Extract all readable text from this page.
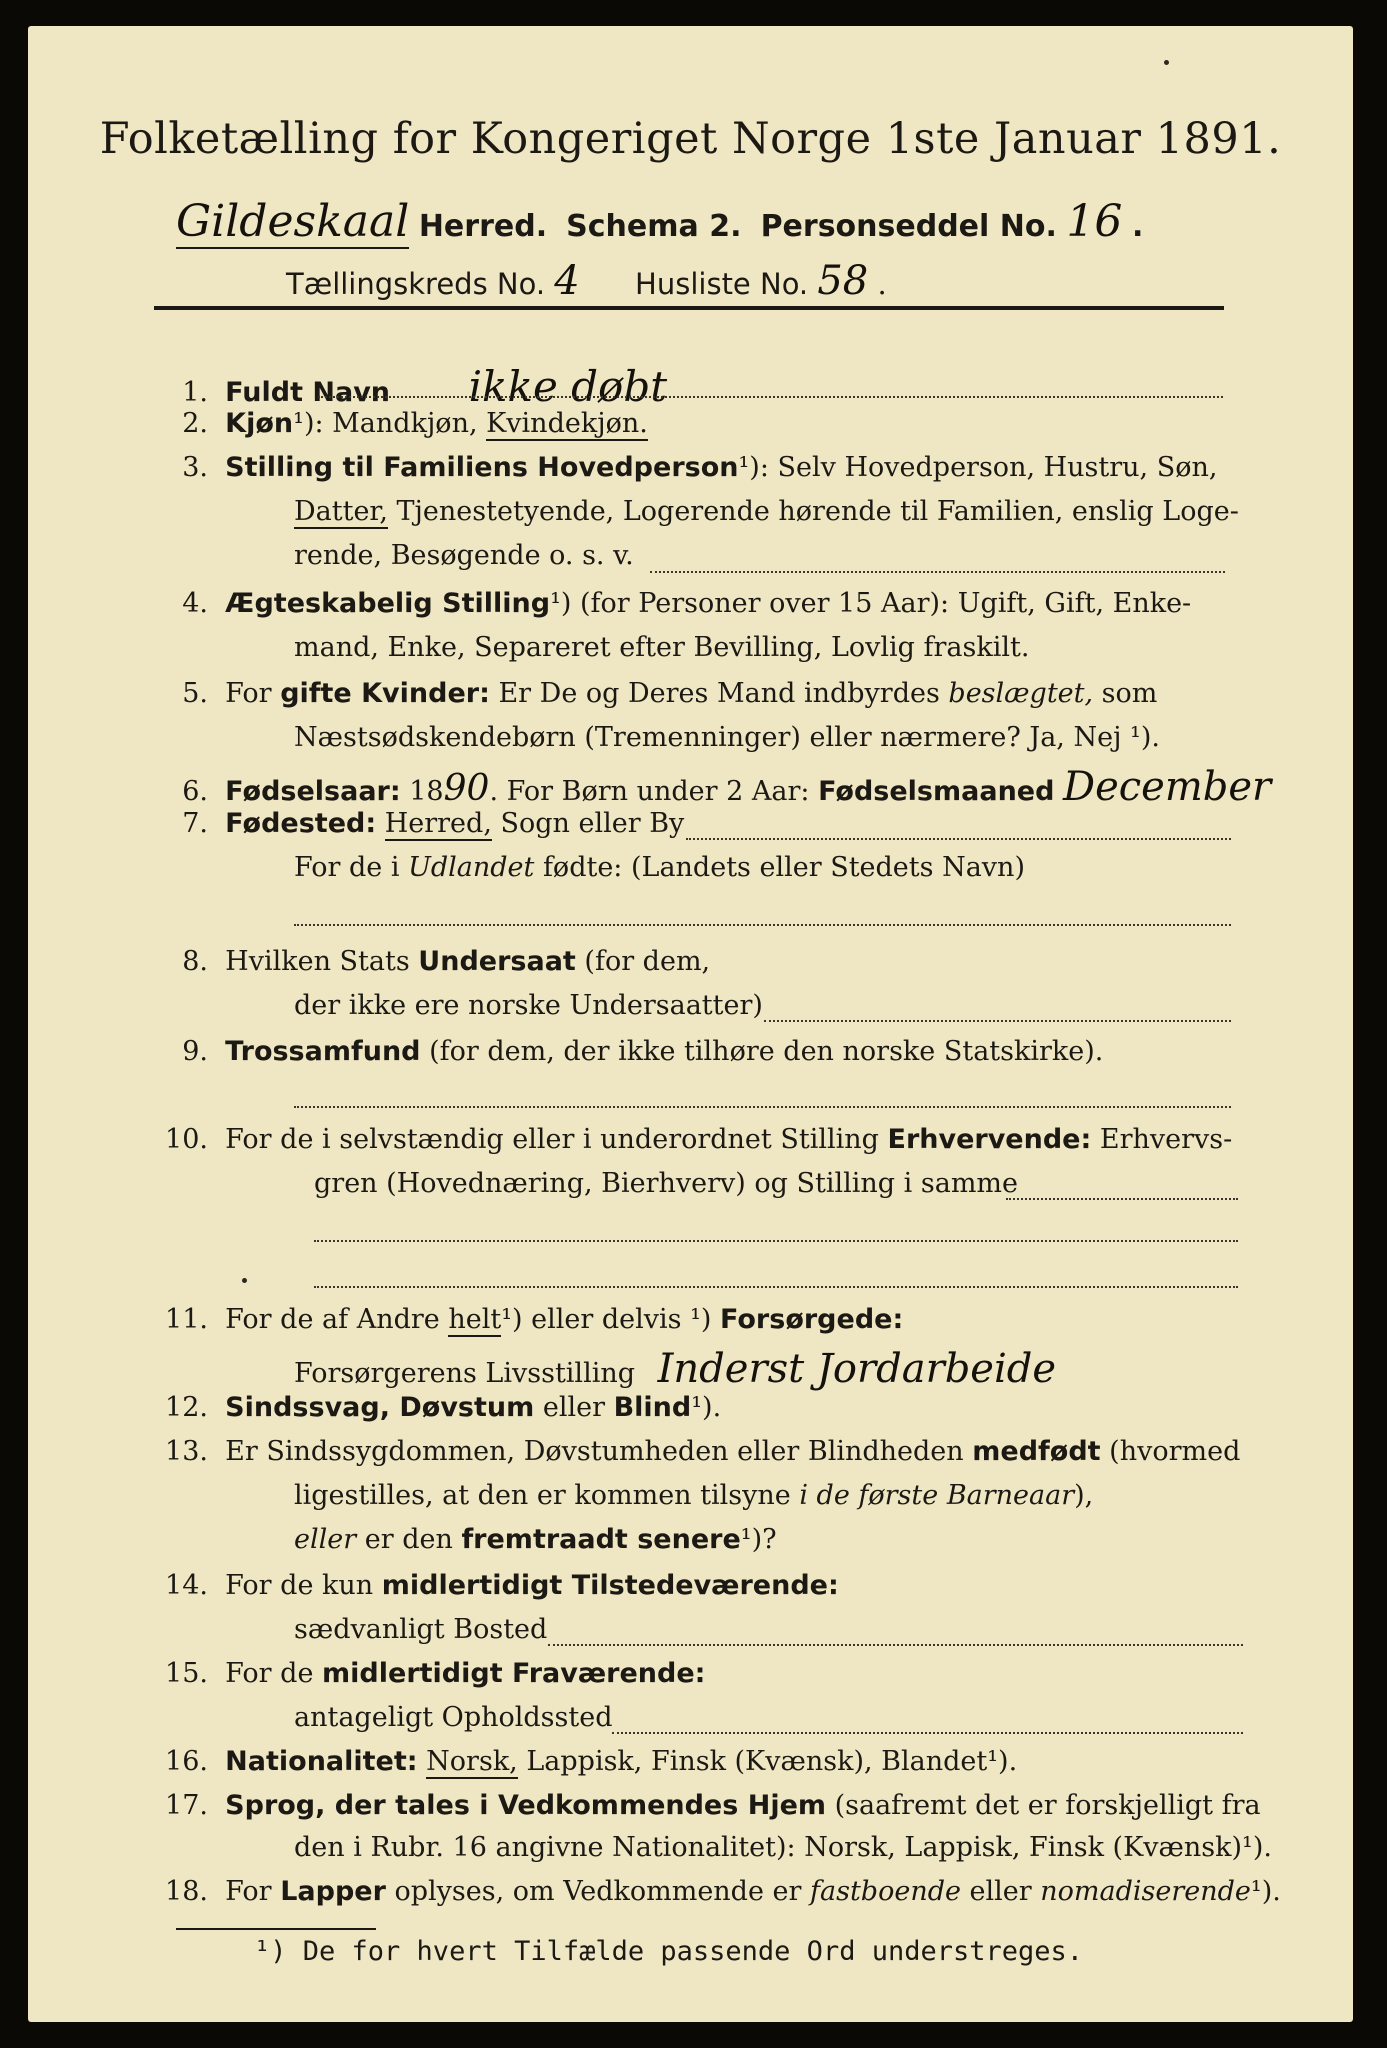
Folketælling for Kongeriget Norge 1ste Januar 1891.
Gildeskaal Herred. Schema 2. Personseddel No. 16 .
Tællingskreds No. 4 Husliste No. 58 .
1. Fuldt Navn ikke døbt
2. Kjøn¹): Mandkjøn, Kvindekjøn.
3. Stilling til Familiens Hovedperson¹): Selv Hovedperson, Hustru, Søn,
Datter, Tjenestetyende, Logerende hørende til Familien, enslig Loge-
rende, Besøgende o. s. v.
4. Ægteskabelig Stilling¹) (for Personer over 15 Aar): Ugift, Gift, Enke-
mand, Enke, Separeret efter Bevilling, Lovlig fraskilt.
5. For gifte Kvinder: Er De og Deres Mand indbyrdes beslægtet, som
Næstsødskendebørn (Tremenninger) eller nærmere? Ja, Nej ¹).
6. Fødselsaar: 1890. For Børn under 2 Aar: Fødselsmaaned December
7. Fødested: Herred, Sogn eller By
For de i Udlandet fødte: (Landets eller Stedets Navn)
8. Hvilken Stats Undersaat (for dem,
der ikke ere norske Undersaatter)
9. Trossamfund (for dem, der ikke tilhøre den norske Statskirke).
10. For de i selvstændig eller i underordnet Stilling Erhvervende: Erhvervs-
gren (Hovednæring, Bierhverv) og Stilling i samme
11. For de af Andre helt¹) eller delvis ¹) Forsørgede:
Forsørgerens Livsstilling Inderst Jordarbeide
12. Sindssvag, Døvstum eller Blind¹).
13. Er Sindssygdommen, Døvstumheden eller Blindheden medfødt (hvormed
ligestilles, at den er kommen tilsyne i de første Barneaar),
eller er den fremtraadt senere¹)?
14. For de kun midlertidigt Tilstedeværende:
sædvanligt Bosted
15. For de midlertidigt Fraværende:
antageligt Opholdssted
16. Nationalitet: Norsk, Lappisk, Finsk (Kvænsk), Blandet¹).
17. Sprog, der tales i Vedkommendes Hjem (saafremt det er forskjelligt fra
den i Rubr. 16 angivne Nationalitet): Norsk, Lappisk, Finsk (Kvænsk)¹).
18. For Lapper oplyses, om Vedkommende er fastboende eller nomadiserende¹).
¹) De for hvert Tilfælde passende Ord understreges.
